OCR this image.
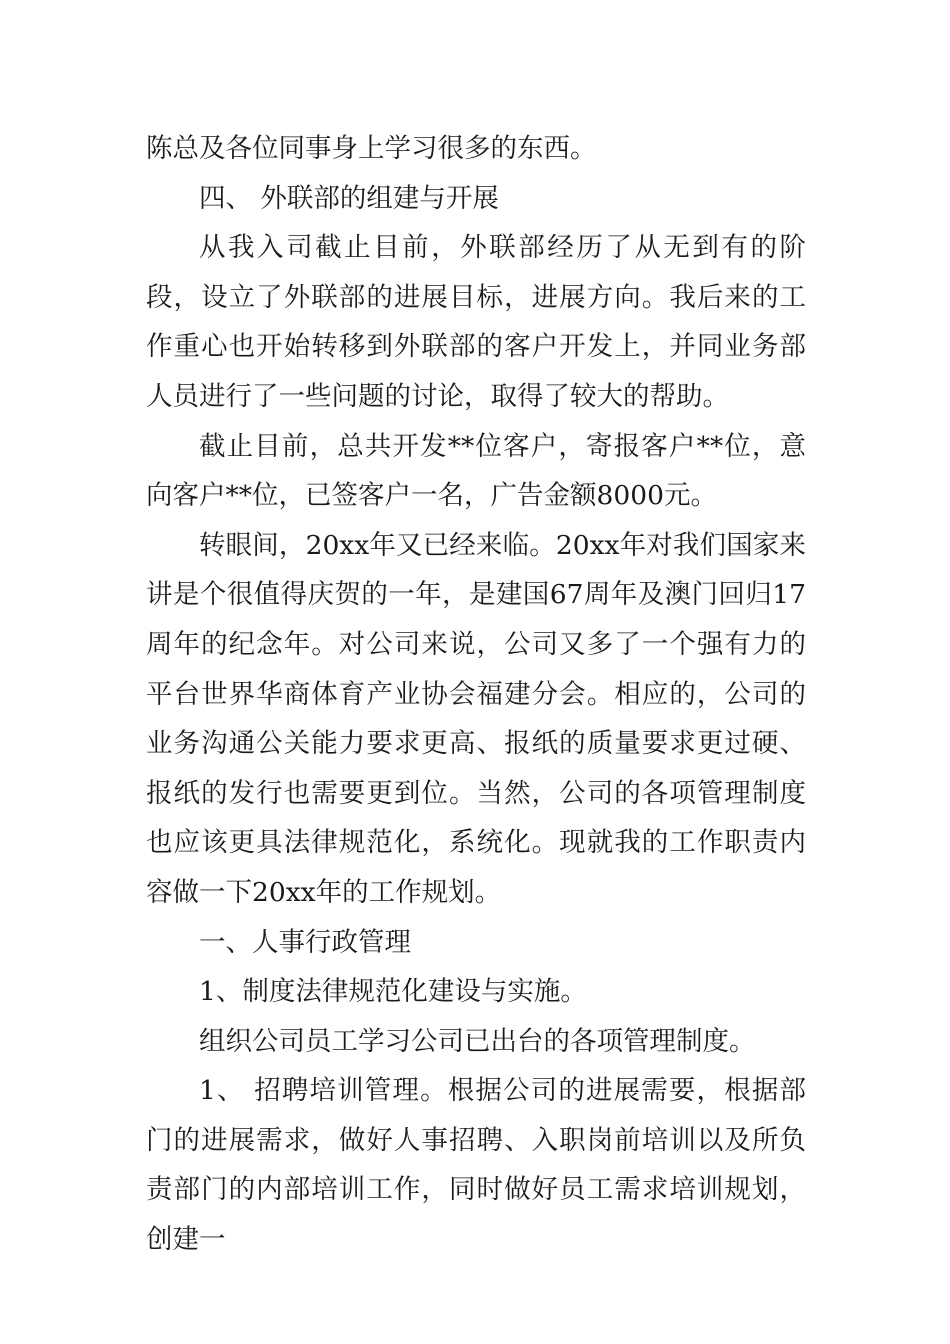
陈总及各位同事身上学习很多的东西。

四、 外联部的组建与开展

从我入司截止目前，外联部经历了从无到有的阶段，设立了外联部的进展目标，进展方向。我后来的工作重心也开始转移到外联部的客户开发上，并同业务部人员进行了一些问题的讨论，取得了较大的帮助。

截止目前，总共开发**位客户，寄报客户**位，意向客户**位，已签客户一名，广告金额8000元。

转眼间，20xx年又已经来临。20xx年对我们国家来讲是个很值得庆贺的一年，是建国67周年及澳门回归17周年的纪念年。对公司来说，公司又多了一个强有力的平台世界华商体育产业协会福建分会。相应的，公司的业务沟通公关能力要求更高、报纸的质量要求更过硬、报纸的发行也需要更到位。当然，公司的各项管理制度也应该更具法律规范化，系统化。现就我的工作职责内容做一下20xx年的工作规划。

一、人事行政管理

1、制度法律规范化建设与实施。

组织公司员工学习公司已出台的各项管理制度。

1、 招聘培训管理。根据公司的进展需要，根据部门的进展需求，做好人事招聘、入职岗前培训以及所负责部门的内部培训工作，同时做好员工需求培训规划，创建一
